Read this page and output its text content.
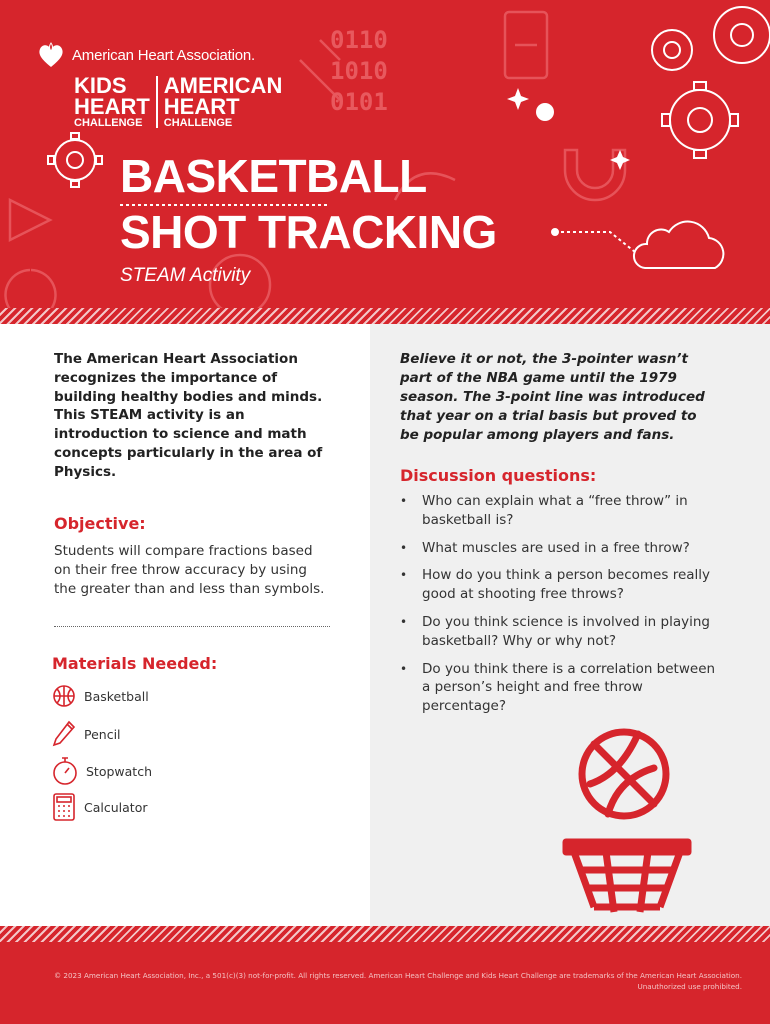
0110
1010
0101
American Heart Association.
KIDS
HEART
CHALLENGE
AMERICAN
HEART
CHALLENGE
BASKETBALL
SHOT TRACKING
STEAM Activity
The American Heart Association recognizes the importance of building healthy bodies and minds. This STEAM activity is an introduction to science and math concepts particularly in the area of Physics.
Objective:
Students will compare fractions based on their free throw accuracy by using the greater than and less than symbols.
Materials Needed:
Basketball
Pencil
Stopwatch
Calculator
Believe it or not, the 3-pointer wasn’t part of the NBA game until the 1979 season. The 3-point line was introduced that year on a trial basis but proved to be popular among players and fans.
Discussion questions:
• Who can explain what a “free throw” in basketball is?
• What muscles are used in a free throw?
• How do you think a person becomes really good at shooting free throws?
• Do you think science is involved in playing basketball? Why or why not?
• Do you think there is a correlation between a person’s height and free throw percentage?
© 2023 American Heart Association, Inc., a 501(c)(3) not-for-profit. All rights reserved. American Heart Challenge and Kids Heart Challenge are trademarks of the American Heart Association.
Unauthorized use prohibited.
